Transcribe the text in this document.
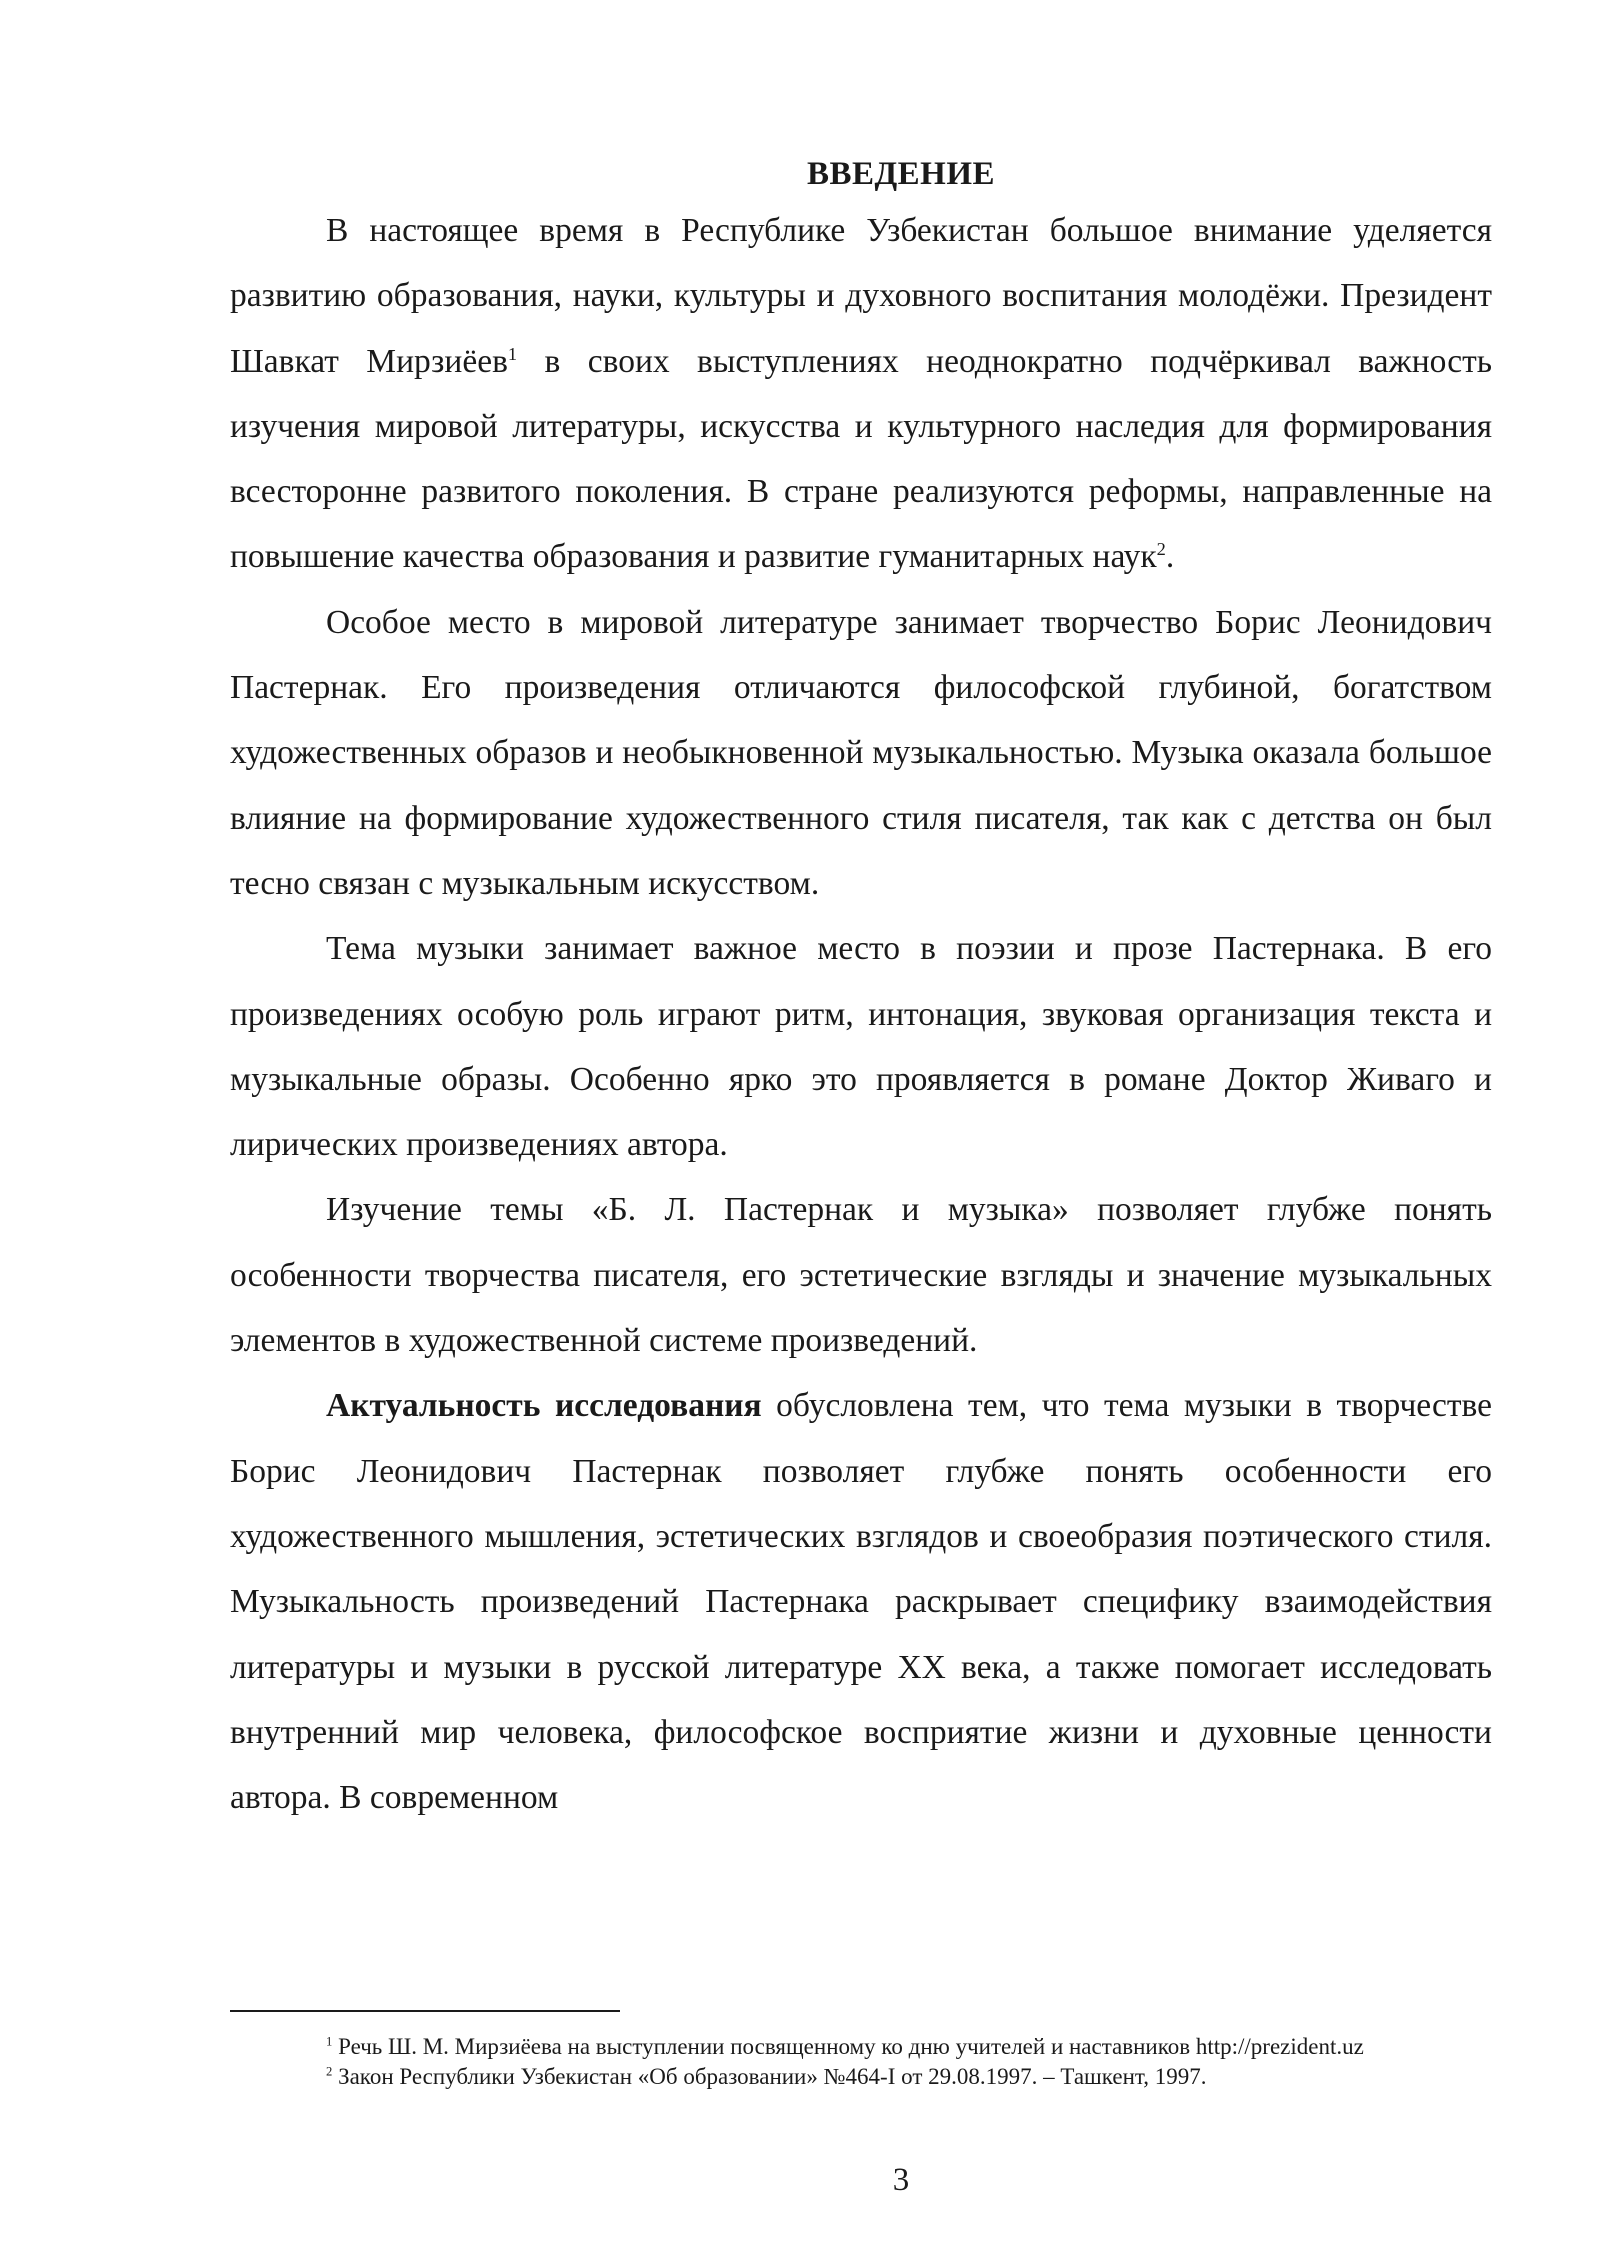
ВВЕДЕНИЕ

В настоящее время в Республике Узбекистан большое внимание уделяется развитию образования, науки, культуры и духовного воспитания молодёжи. Президент Шавкат Мирзиёев$^1$ в своих выступлениях неоднократно подчёркивал важность изучения мировой литературы, искусства и культурного наследия для формирования всесторонне развитого поколения. В стране реализуются реформы, направленные на повышение качества образования и развитие гуманитарных наук$^2$.

Особое место в мировой литературе занимает творчество Борис Леонидович Пастернак. Его произведения отличаются философской глубиной, богатством художественных образов и необыкновенной музыкальностью. Музыка оказала большое влияние на формирование художественного стиля писателя, так как с детства он был тесно связан с музыкальным искусством.

Тема музыки занимает важное место в поэзии и прозе Пастернака. В его произведениях особую роль играют ритм, интонация, звуковая организация текста и музыкальные образы. Особенно ярко это проявляется в романе Доктор Живаго и лирических произведениях автора.

Изучение темы «Б. Л. Пастернак и музыка» позволяет глубже понять особенности творчества писателя, его эстетические взгляды и значение музыкальных элементов в художественной системе произведений.

Актуальность исследования обусловлена тем, что тема музыки в творчестве Борис Леонидович Пастернак позволяет глубже понять особенности его художественного мышления, эстетических взглядов и своеобразия поэтического стиля. Музыкальность произведений Пастернака раскрывает специфику взаимодействия литературы и музыки в русской литературе XX века, а также помогает исследовать внутренний мир человека, философское восприятие жизни и духовные ценности автора. В современном

$^1$ Речь Ш. М. Мирзиёева на выступлении посвященному ко дню учителей и наставников http://prezident.uz

$^2$ Закон Республики Узбекистан «Об образовании» №464-I от 29.08.1997. – Ташкент, 1997.

3
